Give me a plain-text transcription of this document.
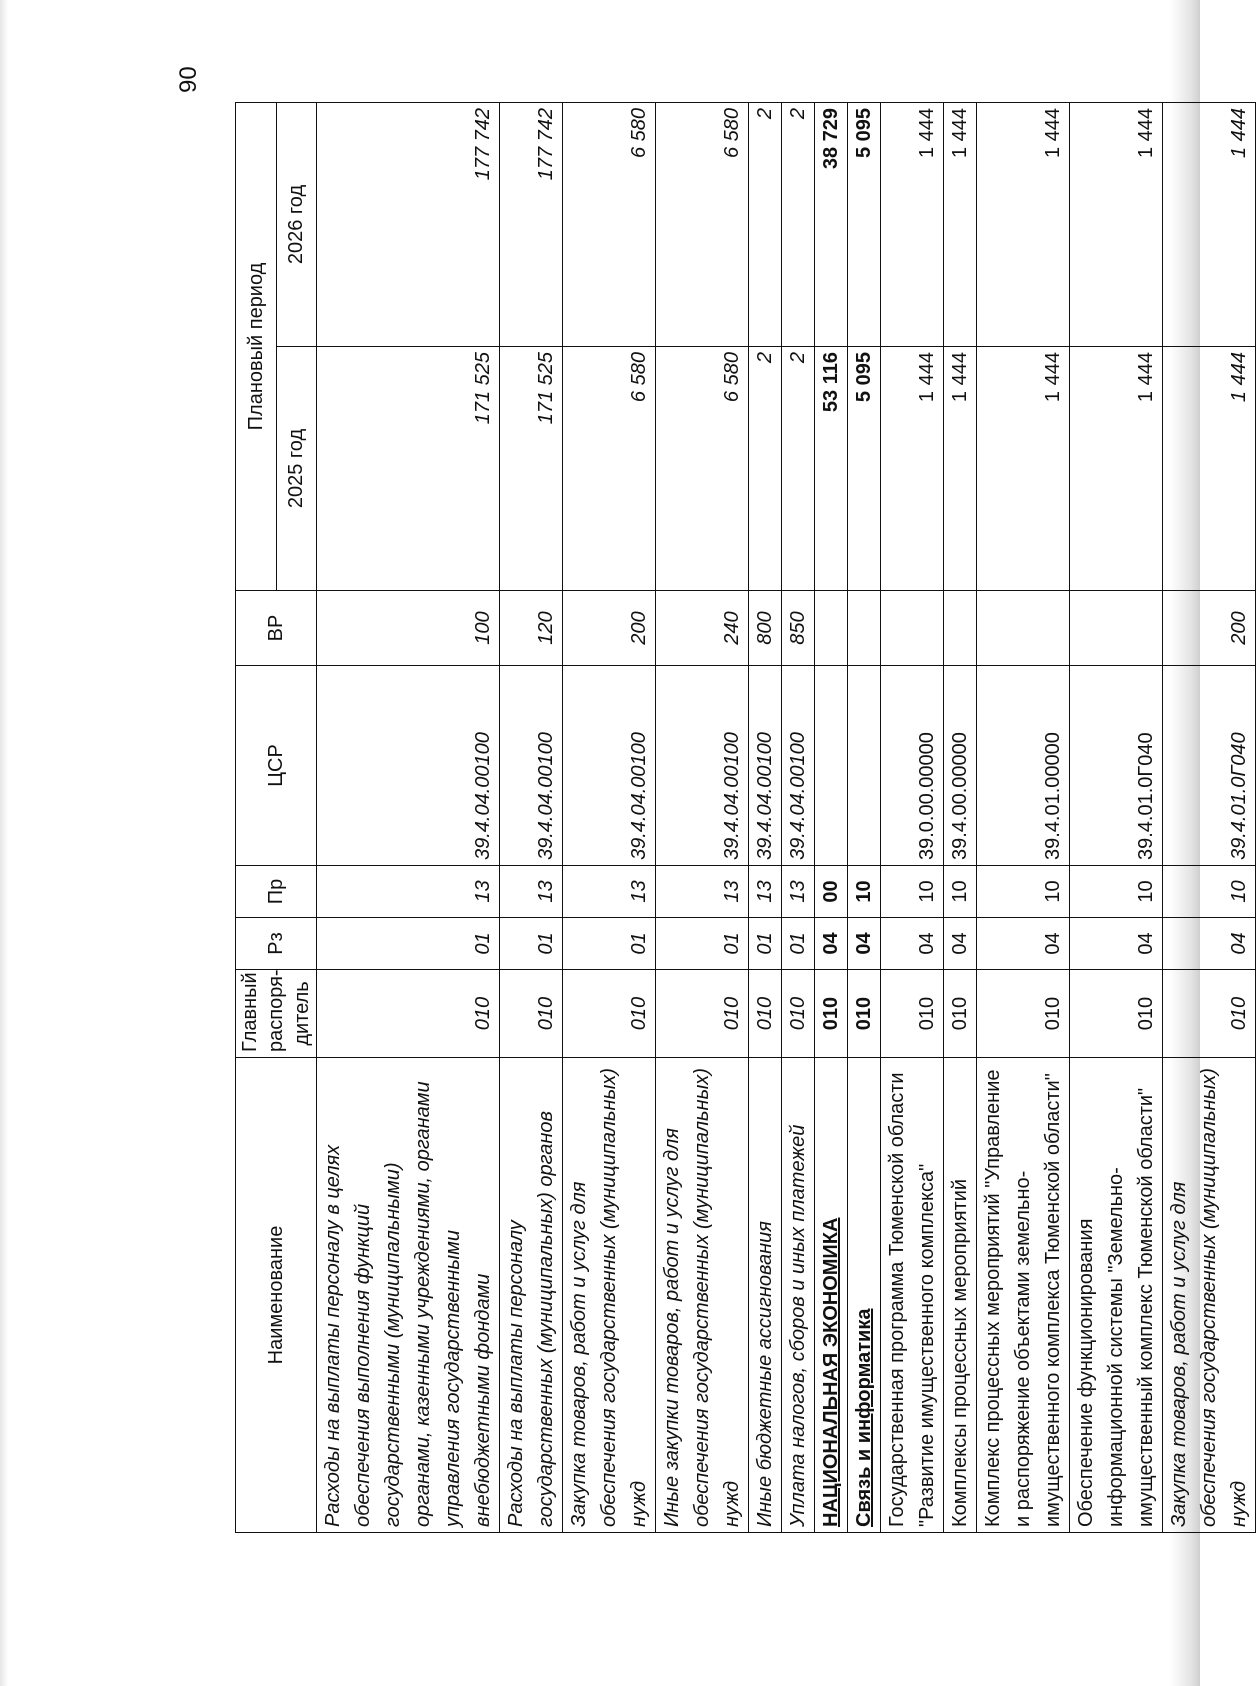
90
Наименование	Главный распоря-дитель	Рз	Пр	ЦСР	ВР	Плановый период	
						2025 год	2026 год
Расходы на выплаты персоналу в целях обеспечения выполнения функций государственными (муниципальными) органами, казенными учреждениями, органами управления государственными внебюджетными фондами	010	01	13	39.4.04.00100	100	171 525	177 742
Расходы на выплаты персоналу государственных (муниципальных) органов	010	01	13	39.4.04.00100	120	171 525	177 742
Закупка товаров, работ и услуг для обеспечения государственных (муниципальных) нужд	010	01	13	39.4.04.00100	200	6 580	6 580
Иные закупки товаров, работ и услуг для обеспечения государственных (муниципальных) нужд	010	01	13	39.4.04.00100	240	6 580	6 580
Иные бюджетные ассигнования	010	01	13	39.4.04.00100	800	2	2
Уплата налогов, сборов и иных платежей	010	01	13	39.4.04.00100	850	2	2
НАЦИОНАЛЬНАЯ ЭКОНОМИКА	010	04	00			53 116	38 729
Связь и информатика	010	04	10			5 095	5 095
Государственная программа Тюменской области "Развитие имущественного комплекса"	010	04	10	39.0.00.00000		1 444	1 444
Комплексы процессных мероприятий	010	04	10	39.4.00.00000		1 444	1 444
Комплекс процессных мероприятий "Управление и распоряжение объектами земельно-имущественного комплекса Тюменской области"	010	04	10	39.4.01.00000		1 444	1 444
Обеспечение функционирования информационной системы "Земельно-имущественный комплекс Тюменской области"	010	04	10	39.4.01.0Г040		1 444	1 444
Закупка товаров, работ и услуг для обеспечения государственных (муниципальных) нужд	010	04	10	39.4.01.0Г040	200	1 444	1 444
